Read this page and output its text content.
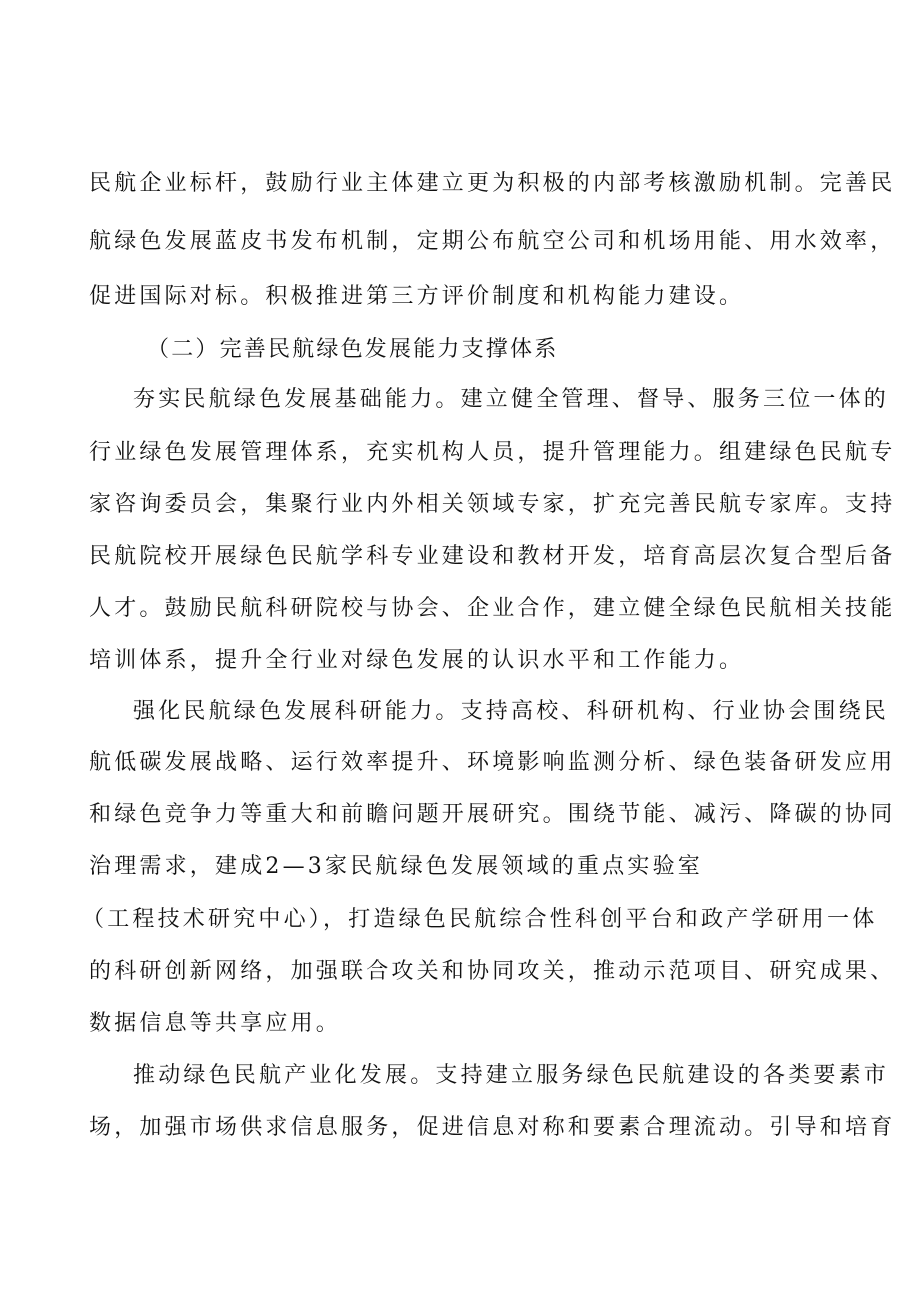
民航企业标杆，鼓励行业主体建立更为积极的内部考核激励机制。完善民
航绿色发展蓝皮书发布机制，定期公布航空公司和机场用能、用水效率，
促进国际对标。积极推进第三方评价制度和机构能力建设。
（二）完善民航绿色发展能力支撑体系
夯实民航绿色发展基础能力。建立健全管理、督导、服务三位一体的
行业绿色发展管理体系，充实机构人员，提升管理能力。组建绿色民航专
家咨询委员会，集聚行业内外相关领域专家，扩充完善民航专家库。支持
民航院校开展绿色民航学科专业建设和教材开发，培育高层次复合型后备
人才。鼓励民航科研院校与协会、企业合作，建立健全绿色民航相关技能
培训体系，提升全行业对绿色发展的认识水平和工作能力。
强化民航绿色发展科研能力。支持高校、科研机构、行业协会围绕民
航低碳发展战略、运行效率提升、环境影响监测分析、绿色装备研发应用
和绿色竞争力等重大和前瞻问题开展研究。围绕节能、减污、降碳的协同
治理需求，建成2—3家民航绿色发展领域的重点实验室
（工程技术研究中心），打造绿色民航综合性科创平台和政产学研用一体
的科研创新网络，加强联合攻关和协同攻关，推动示范项目、研究成果、
数据信息等共享应用。
推动绿色民航产业化发展。支持建立服务绿色民航建设的各类要素市
场，加强市场供求信息服务，促进信息对称和要素合理流动。引导和培育
